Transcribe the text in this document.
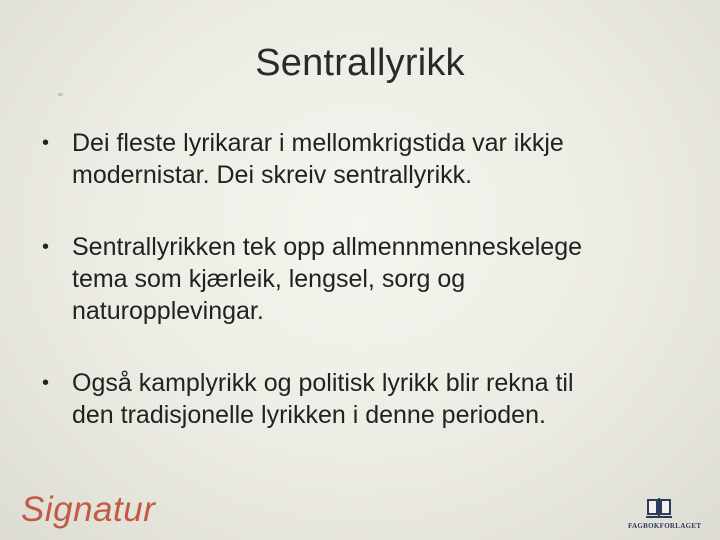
Sentrallyrikk
• Dei fleste lyrikarar i mellomkrigstida var ikkje
modernistar. Dei skreiv sentrallyrikk.
• Sentrallyrikken tek opp allmennmenneskelege
tema som kjærleik, lengsel, sorg og
naturopplevingar.
• Også kamplyrikk og politisk lyrikk blir rekna til
den tradisjonelle lyrikken i denne perioden.
Signatur	FAGBOKFORLAGET
